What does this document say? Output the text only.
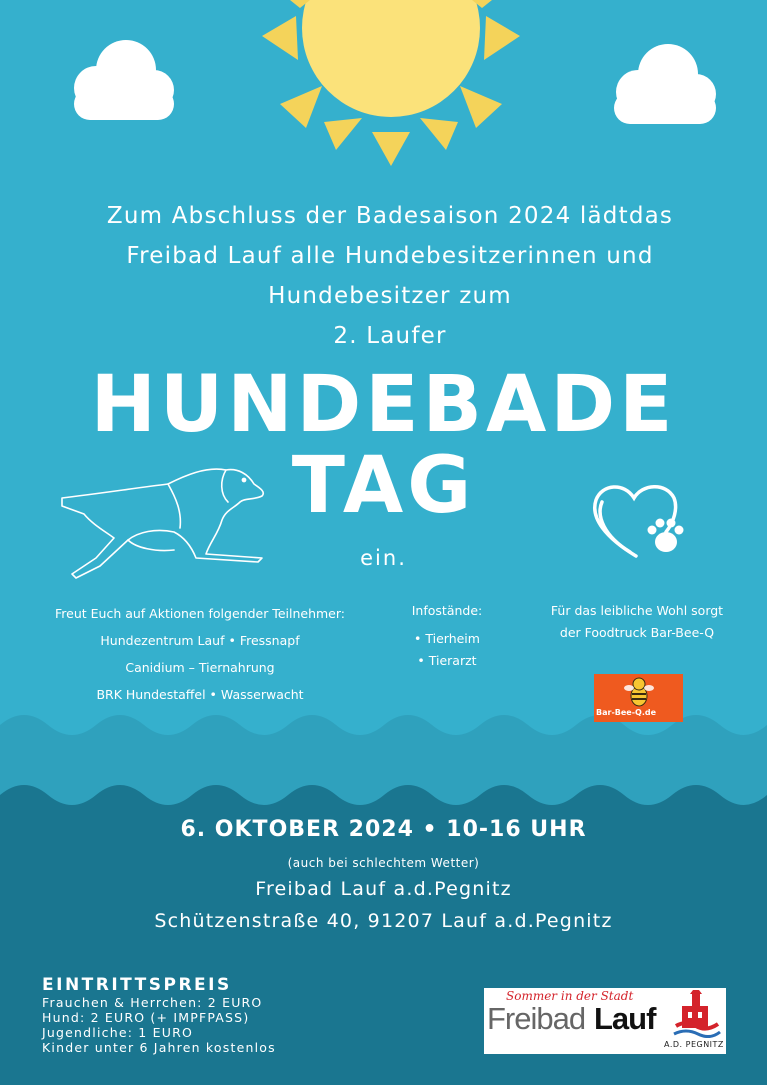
Zum Abschluss der Badesaison 2024 lädtdas
Freibad Lauf alle Hundebesitzerinnen und
Hundebesitzer zum
2. Laufer
HUNDEBADE
TAG
ein.
Freut Euch auf Aktionen folgender Teilnehmer:
Hundezentrum Lauf • Fressnapf
Canidium – Tiernahrung
BRK Hundestaffel • Wasserwacht
Infostände:
• Tierheim
• Tierarzt
Für das leibliche Wohl sorgt
der Foodtruck Bar-Bee-Q
Bar-Bee-Q.de
6. OKTOBER 2024 • 10-16 UHR
(auch bei schlechtem Wetter)
Freibad Lauf a.d.Pegnitz
Schützenstraße 40, 91207 Lauf a.d.Pegnitz
EINTRITTSPREIS
Frauchen & Herrchen: 2 EURO
Hund: 2 EURO (+ IMPFPASS)
Jugendliche: 1 EURO
Kinder unter 6 Jahren kostenlos
Sommer in der Stadt
Freibad Lauf
A.D. PEGNITZ
